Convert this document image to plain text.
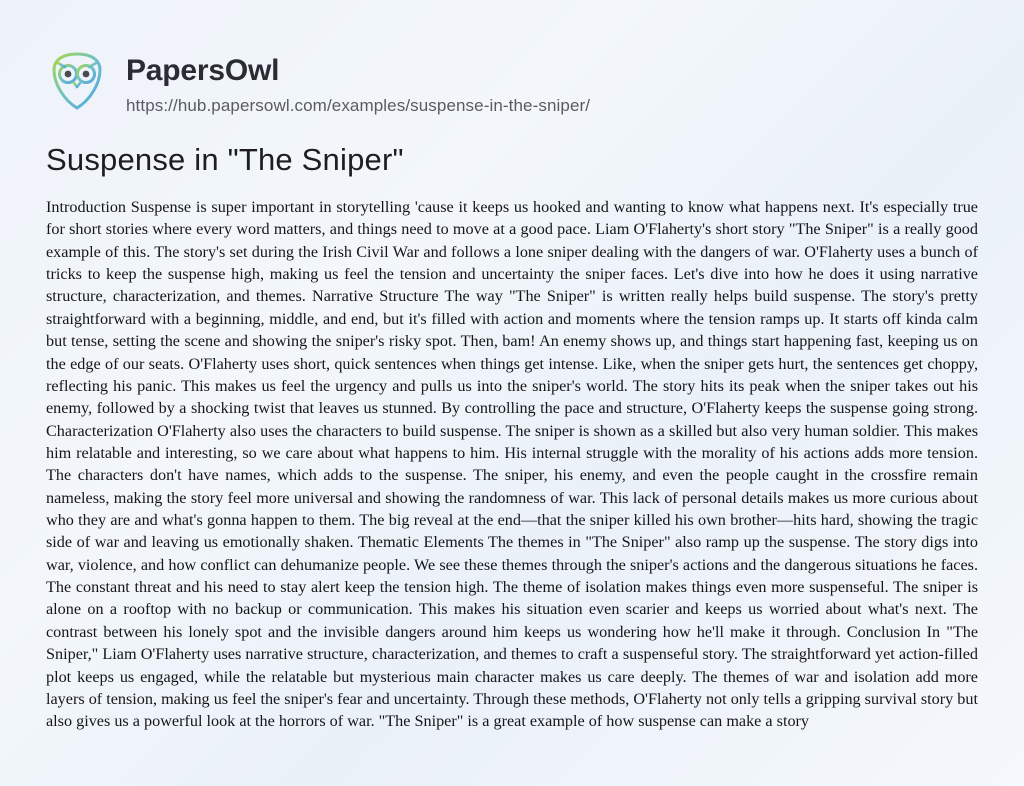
PapersOwl
https://hub.papersowl.com/examples/suspense-in-the-sniper/
Suspense in "The Sniper"
Introduction Suspense is super important in storytelling 'cause it keeps us hooked and wanting to know what happens next. It's especially true for short stories where every word matters, and things need to move at a good pace. Liam O'Flaherty's short story "The Sniper" is a really good example of this. The story's set during the Irish Civil War and follows a lone sniper dealing with the dangers of war. O'Flaherty uses a bunch of tricks to keep the suspense high, making us feel the tension and uncertainty the sniper faces. Let's dive into how he does it using narrative structure, characterization, and themes. Narrative Structure The way "The Sniper" is written really helps build suspense. The story's pretty straightforward with a beginning, middle, and end, but it's filled with action and moments where the tension ramps up. It starts off kinda calm but tense, setting the scene and showing the sniper's risky spot. Then, bam! An enemy shows up, and things start happening fast, keeping us on the edge of our seats. O'Flaherty uses short, quick sentences when things get intense. Like, when the sniper gets hurt, the sentences get choppy, reflecting his panic. This makes us feel the urgency and pulls us into the sniper's world. The story hits its peak when the sniper takes out his enemy, followed by a shocking twist that leaves us stunned. By controlling the pace and structure, O'Flaherty keeps the suspense going strong. Characterization O'Flaherty also uses the characters to build suspense. The sniper is shown as a skilled but also very human soldier. This makes him relatable and interesting, so we care about what happens to him. His internal struggle with the morality of his actions adds more tension. The characters don't have names, which adds to the suspense. The sniper, his enemy, and even the people caught in the crossfire remain nameless, making the story feel more universal and showing the randomness of war. This lack of personal details makes us more curious about who they are and what's gonna happen to them. The big reveal at the end—that the sniper killed his own brother—hits hard, showing the tragic side of war and leaving us emotionally shaken. Thematic Elements The themes in "The Sniper" also ramp up the suspense. The story digs into war, violence, and how conflict can dehumanize people. We see these themes through the sniper's actions and the dangerous situations he faces. The constant threat and his need to stay alert keep the tension high. The theme of isolation makes things even more suspenseful. The sniper is alone on a rooftop with no backup or communication. This makes his situation even scarier and keeps us worried about what's next. The contrast between his lonely spot and the invisible dangers around him keeps us wondering how he'll make it through. Conclusion In "The Sniper," Liam O'Flaherty uses narrative structure, characterization, and themes to craft a suspenseful story. The straightforward yet action-filled plot keeps us engaged, while the relatable but mysterious main character makes us care deeply. The themes of war and isolation add more layers of tension, making us feel the sniper's fear and uncertainty. Through these methods, O'Flaherty not only tells a gripping survival story but also gives us a powerful look at the horrors of war. "The Sniper" is a great example of how suspense can make a story
